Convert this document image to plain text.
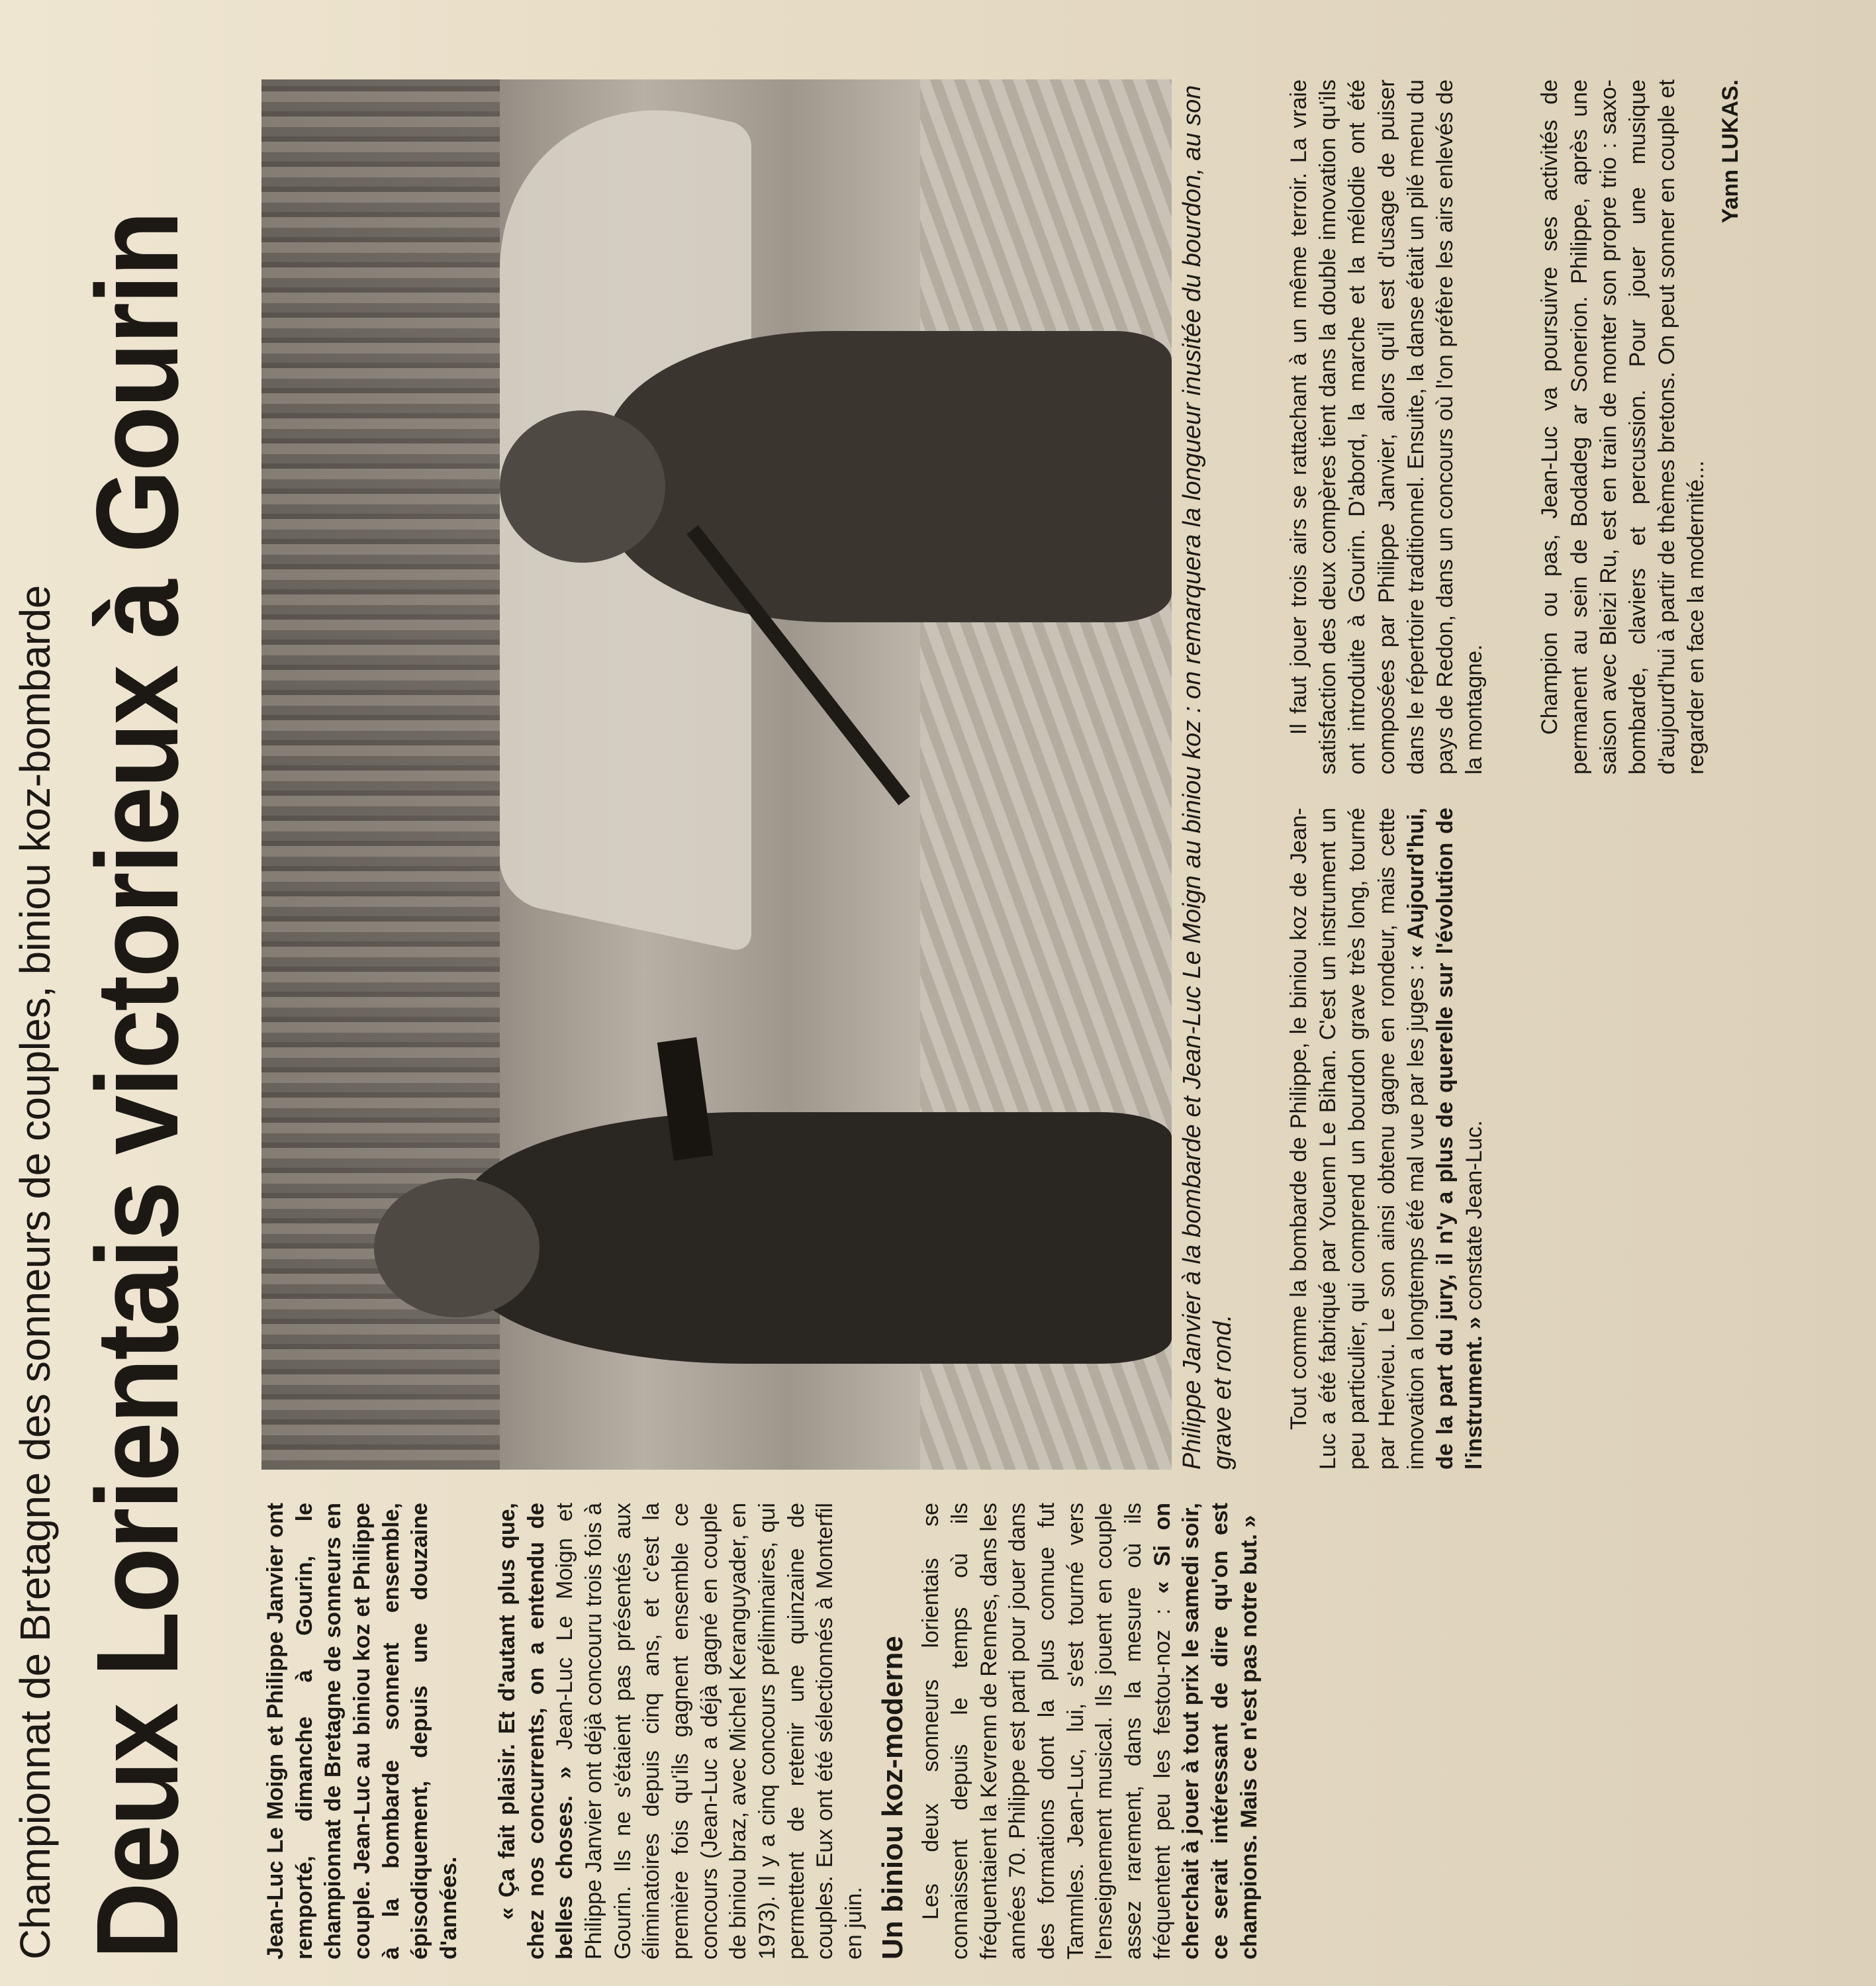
Championnat de Bretagne des sonneurs de couples, biniou koz-bombarde Deux Lorientais victorieux à Gourin	Philippe Janvier à la bombarde et Jean-Luc Le Moign au biniou koz : on remarquera la longueur inusitée du bourdon, au son grave et rond.

Jean-Luc Le Moign et Philippe Janvier ont remporté, dimanche à Gourin, le championnat de Bretagne de sonneurs en couple. Jean-Luc au biniou koz et Philippe à la bombarde sonnent ensemble, épisodiquement, depuis une douzaine d'années. « Ça fait plaisir. Et d'autant plus que, chez nos concurrents, on a entendu de belles choses. » Jean-Luc Le Moign et Philippe Janvier ont déjà concouru trois fois à Gourin. Ils ne s'étaient pas présentés aux éliminatoires depuis cinq ans, et c'est la première fois qu'ils gagnent ensemble ce concours (Jean-Luc a déjà gagné en couple de biniou braz, avec Michel Keranguyader, en 1973). Il y a cinq concours préliminaires, qui permettent de retenir une quinzaine de couples. Eux ont été sélectionnés à Monterfil en juin. Un biniou koz-moderne Les deux sonneurs lorientais se connaissent depuis le temps où ils fréquentaient la Kevrenn de Rennes, dans les années 70. Philippe est parti pour jouer dans des formations dont la plus connue fut Tammles. Jean-Luc, lui, s'est tourné vers l'enseignement musical. Ils jouent en couple assez rarement, dans la mesure où ils fréquentent peu les festou-noz : « Si on cherchait à jouer à tout prix le samedi soir, ce serait intéressant de dire qu'on est champions. Mais ce n'est pas notre but. »

Tout comme la bombarde de Philippe, le biniou koz de Jean-Luc a été fabriqué par Youenn Le Bihan. C'est un instrument un peu particulier, qui comprend un bourdon grave très long, tourné par Hervieu. Le son ainsi obtenu gagne en rondeur, mais cette innovation a longtemps été mal vue par les juges : « Aujourd'hui, de la part du jury, il n'y a plus de querelle sur l'évolution de l'instrument. » constate Jean-Luc.

Il faut jouer trois airs se rattachant à un même terroir. La vraie satisfaction des deux compères tient dans la double innovation qu'ils ont introduite à Gourin. D'abord, la marche et la mélodie ont été composées par Philippe Janvier, alors qu'il est d'usage de puiser dans le répertoire traditionnel. Ensuite, la danse était un pilé menu du pays de Redon, dans un concours où l'on préfère les airs enlevés de la montagne. Champion ou pas, Jean-Luc va poursuivre ses activités de permanent au sein de Bodadeg ar Sonerion. Philippe, après une saison avec Bleizi Ru, est en train de monter son propre trio : saxo-bombarde, claviers et percussion. Pour jouer une musique d'aujourd'hui à partir de thèmes bretons. On peut sonner en couple et regarder en face la modernité...

Yann LUKAS.
